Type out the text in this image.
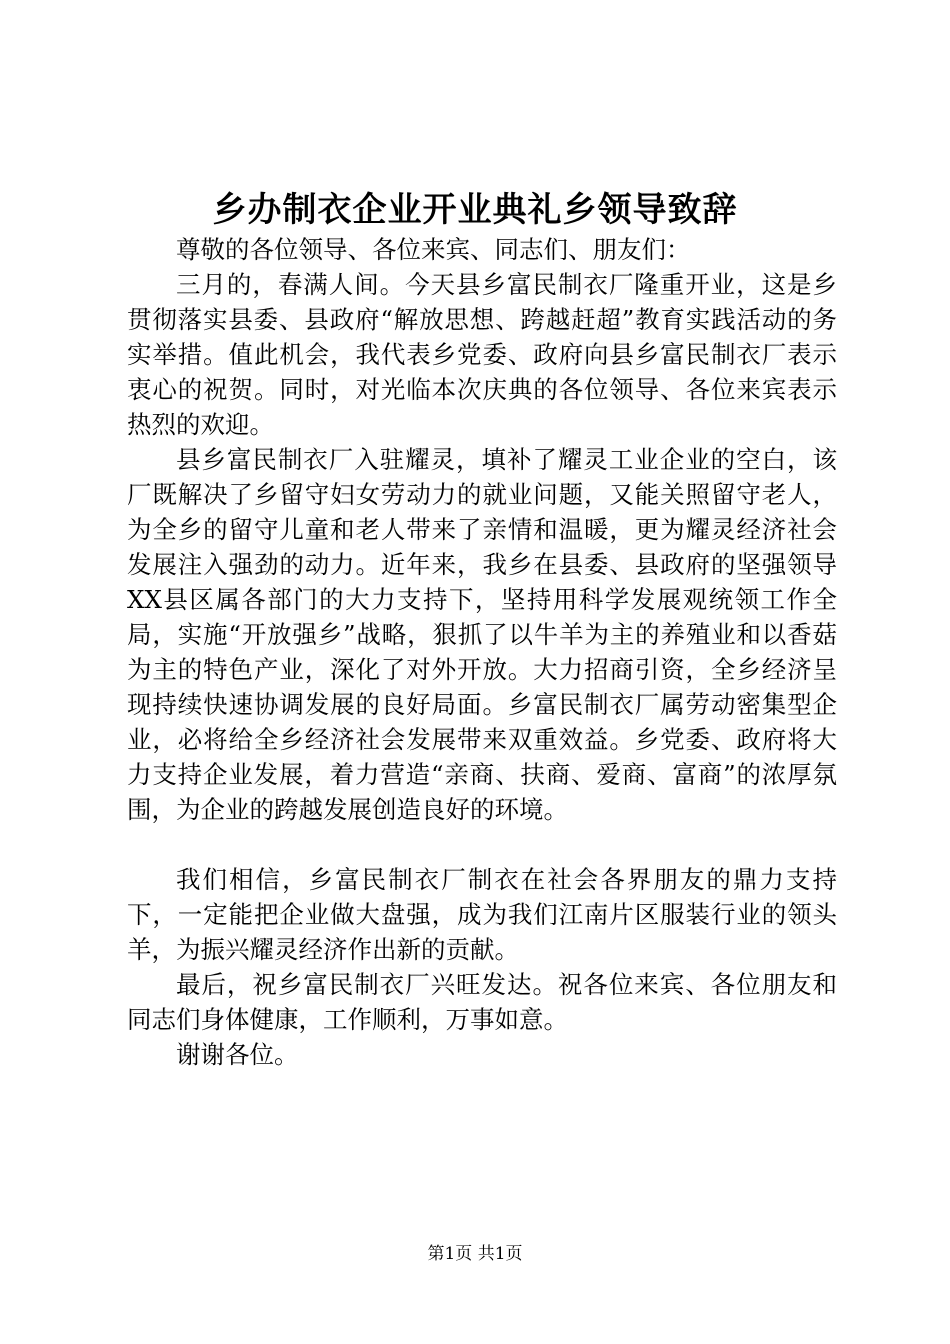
乡办制衣企业开业典礼乡领导致辞

尊敬的各位领导、各位来宾、同志们、朋友们：

三月的，春满人间。今天县乡富民制衣厂隆重开业，这是乡贯彻落实县委、县政府“解放思想、跨越赶超”教育实践活动的务实举措。值此机会，我代表乡党委、政府向县乡富民制衣厂表示衷心的祝贺。同时，对光临本次庆典的各位领导、各位来宾表示热烈的欢迎。

县乡富民制衣厂入驻耀灵，填补了耀灵工业企业的空白，该厂既解决了乡留守妇女劳动力的就业问题，又能关照留守老人，为全乡的留守儿童和老人带来了亲情和温暖，更为耀灵经济社会发展注入强劲的动力。近年来，我乡在县委、县政府的坚强领导XX县区属各部门的大力支持下，坚持用科学发展观统领工作全局，实施“开放强乡”战略，狠抓了以牛羊为主的养殖业和以香菇为主的特色产业，深化了对外开放。大力招商引资，全乡经济呈现持续快速协调发展的良好局面。乡富民制衣厂属劳动密集型企业，必将给全乡经济社会发展带来双重效益。乡党委、政府将大力支持企业发展，着力营造“亲商、扶商、爱商、富商”的浓厚氛围，为企业的跨越发展创造良好的环境。

我们相信，乡富民制衣厂制衣在社会各界朋友的鼎力支持下，一定能把企业做大盘强，成为我们江南片区服装行业的领头羊，为振兴耀灵经济作出新的贡献。

最后，祝乡富民制衣厂兴旺发达。祝各位来宾、各位朋友和同志们身体健康，工作顺利，万事如意。

谢谢各位。

第1页 共1页
